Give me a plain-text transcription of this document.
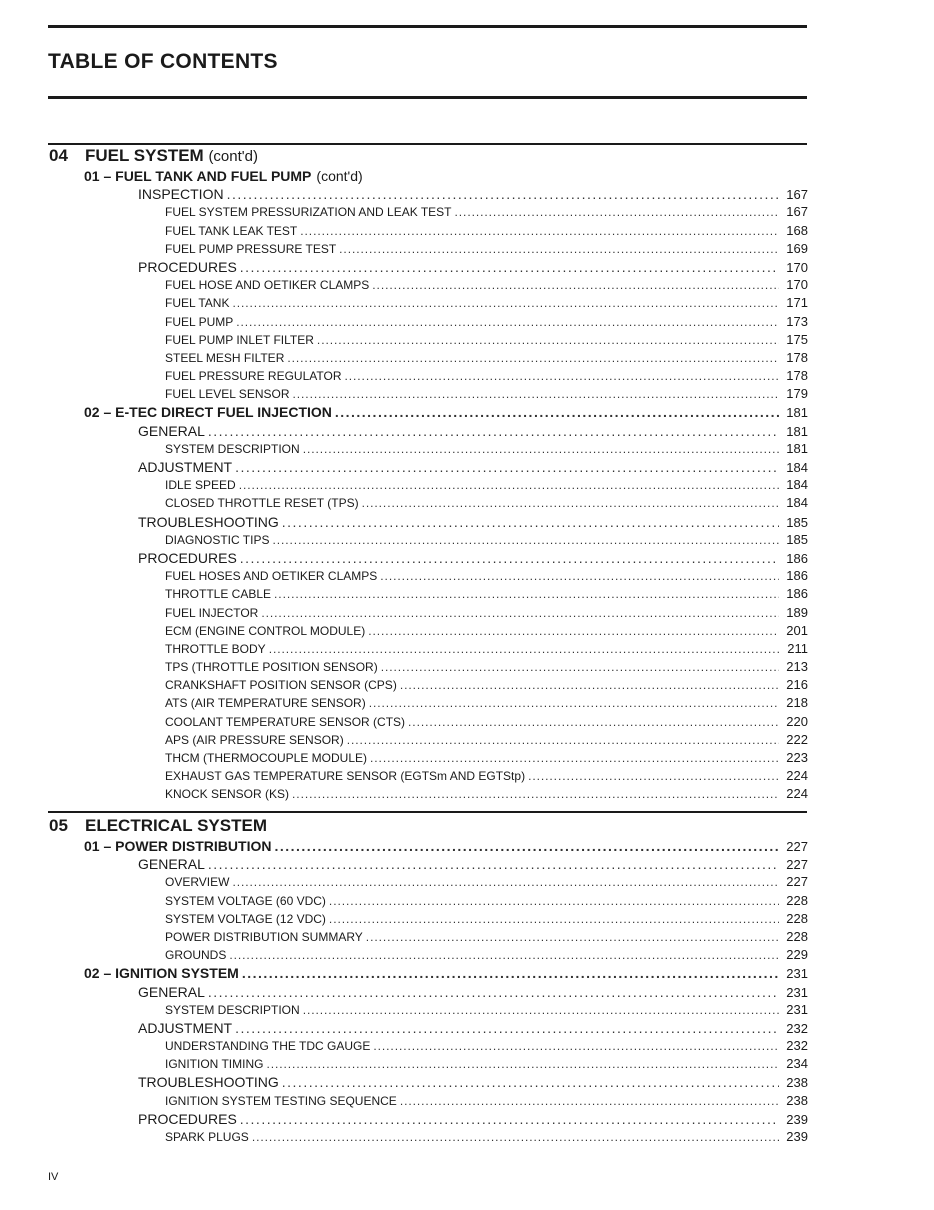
TABLE OF CONTENTS
04 FUEL SYSTEM (cont'd)
01 – FUEL TANK AND FUEL PUMP (cont'd)
INSPECTION . . .	167
FUEL SYSTEM PRESSURIZATION AND LEAK TEST . . .	167
FUEL TANK LEAK TEST . . .	168
FUEL PUMP PRESSURE TEST . . .	169
PROCEDURES . . .	170
FUEL HOSE AND OETIKER CLAMPS . . .	170
FUEL TANK . . .	171
FUEL PUMP . . .	173
FUEL PUMP INLET FILTER . . .	175
STEEL MESH FILTER . . .	178
FUEL PRESSURE REGULATOR . . .	178
FUEL LEVEL SENSOR . . .	179
02 – E-TEC DIRECT FUEL INJECTION . . .	181
GENERAL . . .	181
SYSTEM DESCRIPTION . . .	181
ADJUSTMENT . . .	184
IDLE SPEED . . .	184
CLOSED THROTTLE RESET (TPS) . . .	184
TROUBLESHOOTING . . .	185
DIAGNOSTIC TIPS . . .	185
PROCEDURES . . .	186
FUEL HOSES AND OETIKER CLAMPS . . .	186
THROTTLE CABLE . . .	186
FUEL INJECTOR . . .	189
ECM (ENGINE CONTROL MODULE) . . .	201
THROTTLE BODY . . .	211
TPS (THROTTLE POSITION SENSOR) . . .	213
CRANKSHAFT POSITION SENSOR (CPS) . . .	216
ATS (AIR TEMPERATURE SENSOR) . . .	218
COOLANT TEMPERATURE SENSOR (CTS) . . .	220
APS (AIR PRESSURE SENSOR) . . .	222
THCM (THERMOCOUPLE MODULE) . . .	223
EXHAUST GAS TEMPERATURE SENSOR (EGTSm AND EGTStp) . . .	224
KNOCK SENSOR (KS) . . .	224
05 ELECTRICAL SYSTEM
01 – POWER DISTRIBUTION . . .	227
GENERAL . . .	227
OVERVIEW . . .	227
SYSTEM VOLTAGE (60 VDC) . . .	228
SYSTEM VOLTAGE (12 VDC) . . .	228
POWER DISTRIBUTION SUMMARY . . .	228
GROUNDS . . .	229
02 – IGNITION SYSTEM . . .	231
GENERAL . . .	231
SYSTEM DESCRIPTION . . .	231
ADJUSTMENT . . .	232
UNDERSTANDING THE TDC GAUGE . . .	232
IGNITION TIMING . . .	234
TROUBLESHOOTING . . .	238
IGNITION SYSTEM TESTING SEQUENCE . . .	238
PROCEDURES . . .	239
SPARK PLUGS . . .	239
IV
